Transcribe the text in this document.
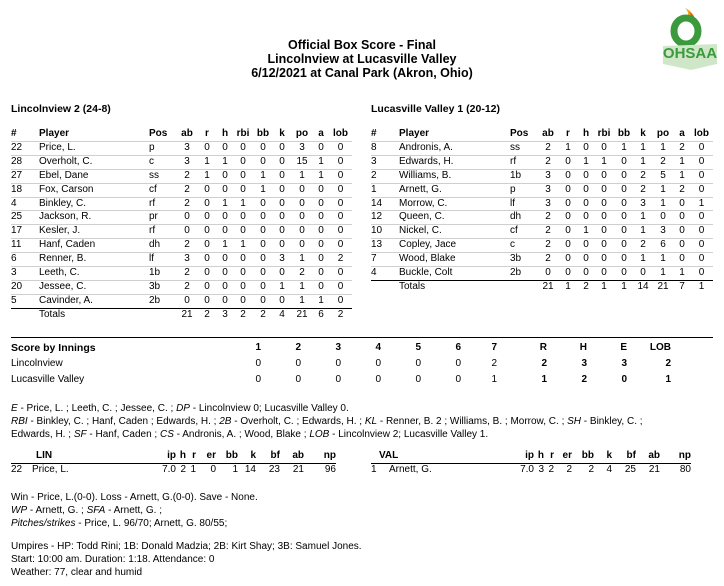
Official Box Score - Final
Lincolnview at Lucasville Valley
6/12/2021 at Canal Park (Akron, Ohio)
OHSAA
Lincolnview 2 (24-8)	Lucasville Valley 1 (20-12)
#	Player	Pos	ab	r	h	rbi	bb	k	po	a	lob
22	Price, L.	p	3	0	0	0	0	0	3	0	0
28	Overholt, C.	c	3	1	1	0	0	0	15	1	0
27	Ebel, Dane	ss	2	1	0	0	1	0	1	1	0
18	Fox, Carson	cf	2	0	0	0	1	0	0	0	0
4	Binkley, C.	rf	2	0	1	1	0	0	0	0	0
25	Jackson, R.	pr	0	0	0	0	0	0	0	0	0
17	Kesler, J.	rf	0	0	0	0	0	0	0	0	0
11	Hanf, Caden	dh	2	0	1	1	0	0	0	0	0
6	Renner, B.	lf	3	0	0	0	0	3	1	0	2
3	Leeth, C.	1b	2	0	0	0	0	0	2	0	0
20	Jessee, C.	3b	2	0	0	0	0	1	1	0	0
5	Cavinder, A.	2b	0	0	0	0	0	0	1	1	0
	Totals		21	2	3	2	2	4	21	6	2
#	Player	Pos	ab	r	h	rbi	bb	k	po	a	lob
8	Andronis, A.	ss	2	1	0	0	1	1	1	2	0
3	Edwards, H.	rf	2	0	1	1	0	1	2	1	0
2	Williams, B.	1b	3	0	0	0	0	2	5	1	0
1	Arnett, G.	p	3	0	0	0	0	2	1	2	0
14	Morrow, C.	lf	3	0	0	0	0	3	1	0	1
12	Queen, C.	dh	2	0	0	0	0	1	0	0	0
10	Nickel, C.	cf	2	0	1	0	0	1	3	0	0
13	Copley, Jace	c	2	0	0	0	0	2	6	0	0
7	Wood, Blake	3b	2	0	0	0	0	1	1	0	0
4	Buckle, Colt	2b	0	0	0	0	0	0	1	1	0
	Totals		21	1	2	1	1	14	21	7	1
Score by Innings	1	2	3	4	5	6	7	R	H	E	LOB
Lincolnview	0	0	0	0	0	0	2	2	3	3	2
Lucasville Valley	0	0	0	0	0	0	1	1	2	0	1
E - Price, L. ; Leeth, C. ; Jessee, C. ; DP - Lincolnview 0; Lucasville Valley 0.
RBI - Binkley, C. ; Hanf, Caden ; Edwards, H. ; 2B - Overholt, C. ; Edwards, H. ; KL - Renner, B. 2 ; Williams, B. ; Morrow, C. ; SH - Binkley, C. ;
Edwards, H. ; SF - Hanf, Caden ; CS - Andronis, A. ; Wood, Blake ; LOB - Lincolnview 2; Lucasville Valley 1.
	LIN	ip	h	r	er	bb	k	bf	ab	np
22	Price, L.	7.0	2	1	0	1	14	23	21	96
	VAL	ip	h	r	er	bb	k	bf	ab	np
1	Arnett, G.	7.0	3	2	2	2	4	25	21	80
Win - Price, L.(0-0). Loss - Arnett, G.(0-0). Save - None.
WP - Arnett, G. ; SFA - Arnett, G. ;
Pitches/strikes - Price, L. 96/70; Arnett, G. 80/55;
Umpires - HP: Todd Rini; 1B: Donald Madzia; 2B: Kirt Shay; 3B: Samuel Jones.
Start: 10:00 am. Duration: 1:18. Attendance: 0
Weather: 77, clear and humid
